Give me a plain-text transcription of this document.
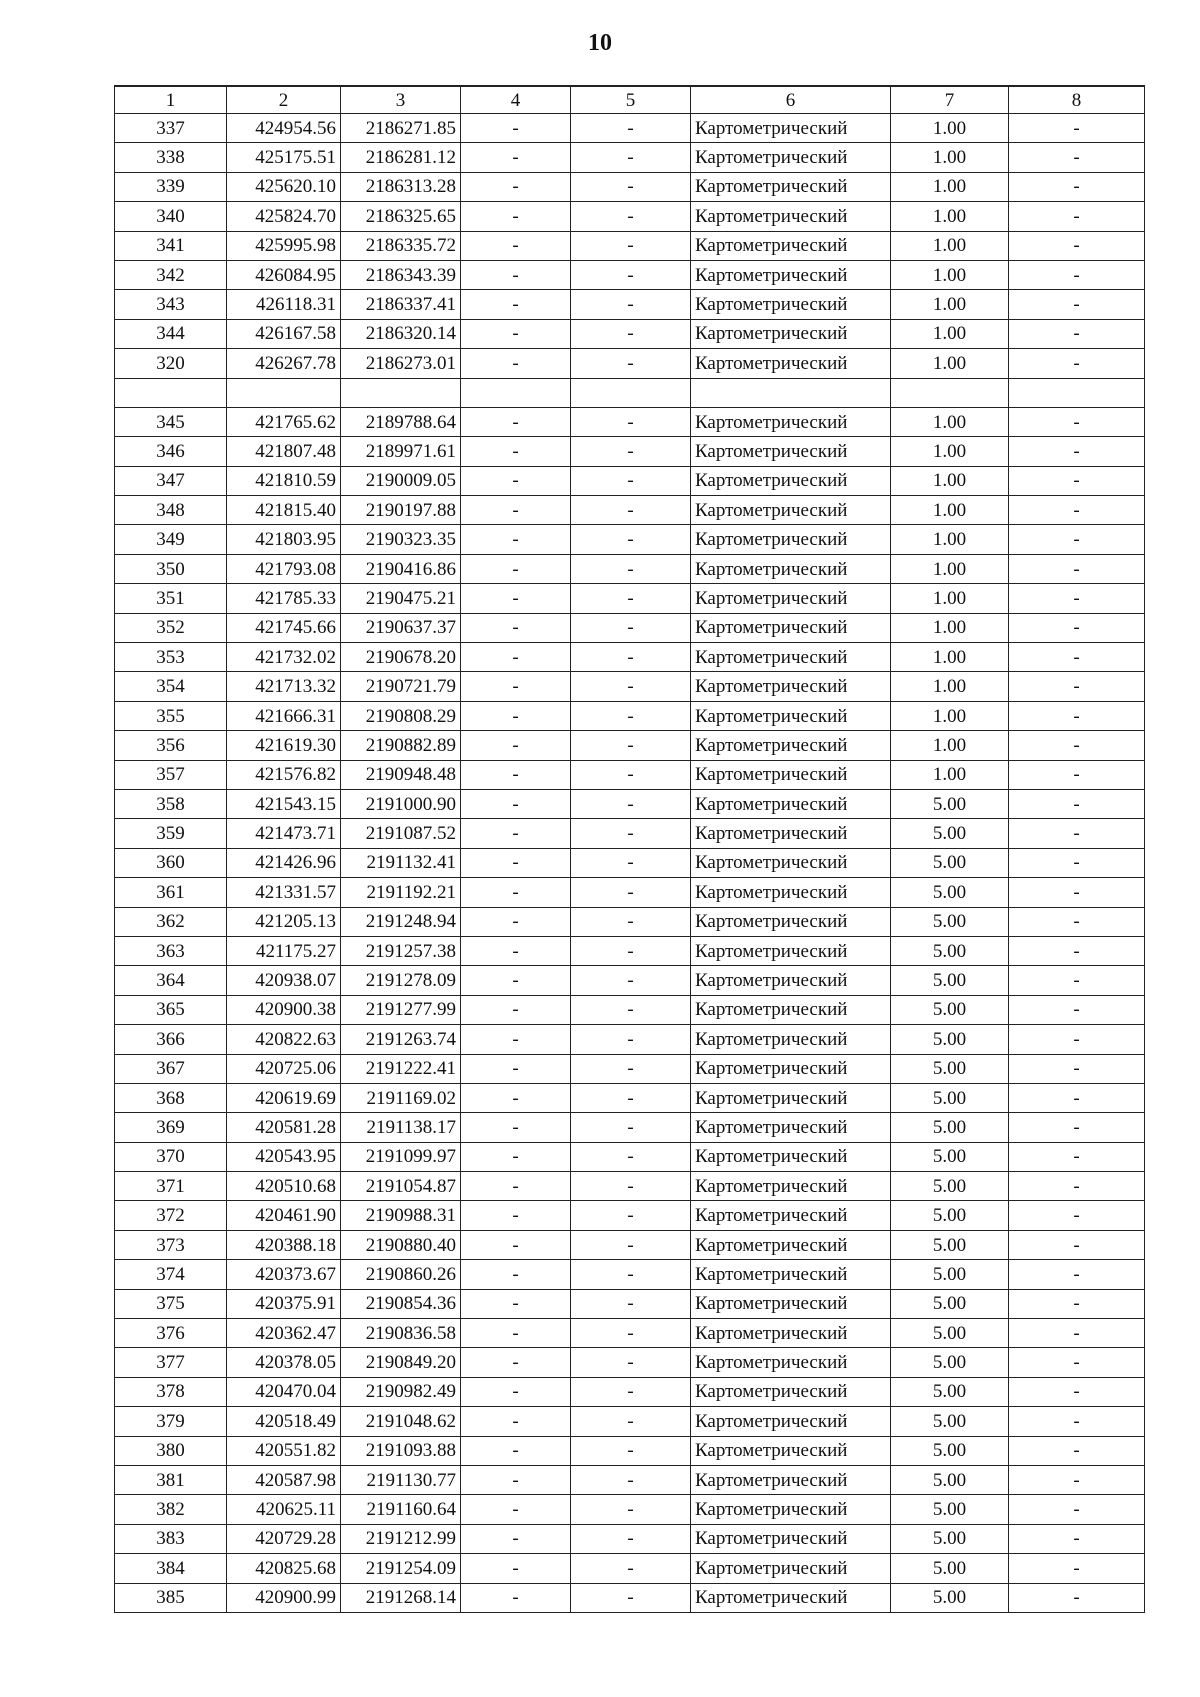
10
1	2	3	4	5	6	7	8
337	424954.56	2186271.85	-	-	Картометрический	1.00	-
338	425175.51	2186281.12	-	-	Картометрический	1.00	-
339	425620.10	2186313.28	-	-	Картометрический	1.00	-
340	425824.70	2186325.65	-	-	Картометрический	1.00	-
341	425995.98	2186335.72	-	-	Картометрический	1.00	-
342	426084.95	2186343.39	-	-	Картометрический	1.00	-
343	426118.31	2186337.41	-	-	Картометрический	1.00	-
344	426167.58	2186320.14	-	-	Картометрический	1.00	-
320	426267.78	2186273.01	-	-	Картометрический	1.00	-

345	421765.62	2189788.64	-	-	Картометрический	1.00	-
346	421807.48	2189971.61	-	-	Картометрический	1.00	-
347	421810.59	2190009.05	-	-	Картометрический	1.00	-
348	421815.40	2190197.88	-	-	Картометрический	1.00	-
349	421803.95	2190323.35	-	-	Картометрический	1.00	-
350	421793.08	2190416.86	-	-	Картометрический	1.00	-
351	421785.33	2190475.21	-	-	Картометрический	1.00	-
352	421745.66	2190637.37	-	-	Картометрический	1.00	-
353	421732.02	2190678.20	-	-	Картометрический	1.00	-
354	421713.32	2190721.79	-	-	Картометрический	1.00	-
355	421666.31	2190808.29	-	-	Картометрический	1.00	-
356	421619.30	2190882.89	-	-	Картометрический	1.00	-
357	421576.82	2190948.48	-	-	Картометрический	1.00	-
358	421543.15	2191000.90	-	-	Картометрический	5.00	-
359	421473.71	2191087.52	-	-	Картометрический	5.00	-
360	421426.96	2191132.41	-	-	Картометрический	5.00	-
361	421331.57	2191192.21	-	-	Картометрический	5.00	-
362	421205.13	2191248.94	-	-	Картометрический	5.00	-
363	421175.27	2191257.38	-	-	Картометрический	5.00	-
364	420938.07	2191278.09	-	-	Картометрический	5.00	-
365	420900.38	2191277.99	-	-	Картометрический	5.00	-
366	420822.63	2191263.74	-	-	Картометрический	5.00	-
367	420725.06	2191222.41	-	-	Картометрический	5.00	-
368	420619.69	2191169.02	-	-	Картометрический	5.00	-
369	420581.28	2191138.17	-	-	Картометрический	5.00	-
370	420543.95	2191099.97	-	-	Картометрический	5.00	-
371	420510.68	2191054.87	-	-	Картометрический	5.00	-
372	420461.90	2190988.31	-	-	Картометрический	5.00	-
373	420388.18	2190880.40	-	-	Картометрический	5.00	-
374	420373.67	2190860.26	-	-	Картометрический	5.00	-
375	420375.91	2190854.36	-	-	Картометрический	5.00	-
376	420362.47	2190836.58	-	-	Картометрический	5.00	-
377	420378.05	2190849.20	-	-	Картометрический	5.00	-
378	420470.04	2190982.49	-	-	Картометрический	5.00	-
379	420518.49	2191048.62	-	-	Картометрический	5.00	-
380	420551.82	2191093.88	-	-	Картометрический	5.00	-
381	420587.98	2191130.77	-	-	Картометрический	5.00	-
382	420625.11	2191160.64	-	-	Картометрический	5.00	-
383	420729.28	2191212.99	-	-	Картометрический	5.00	-
384	420825.68	2191254.09	-	-	Картометрический	5.00	-
385	420900.99	2191268.14	-	-	Картометрический	5.00	-
